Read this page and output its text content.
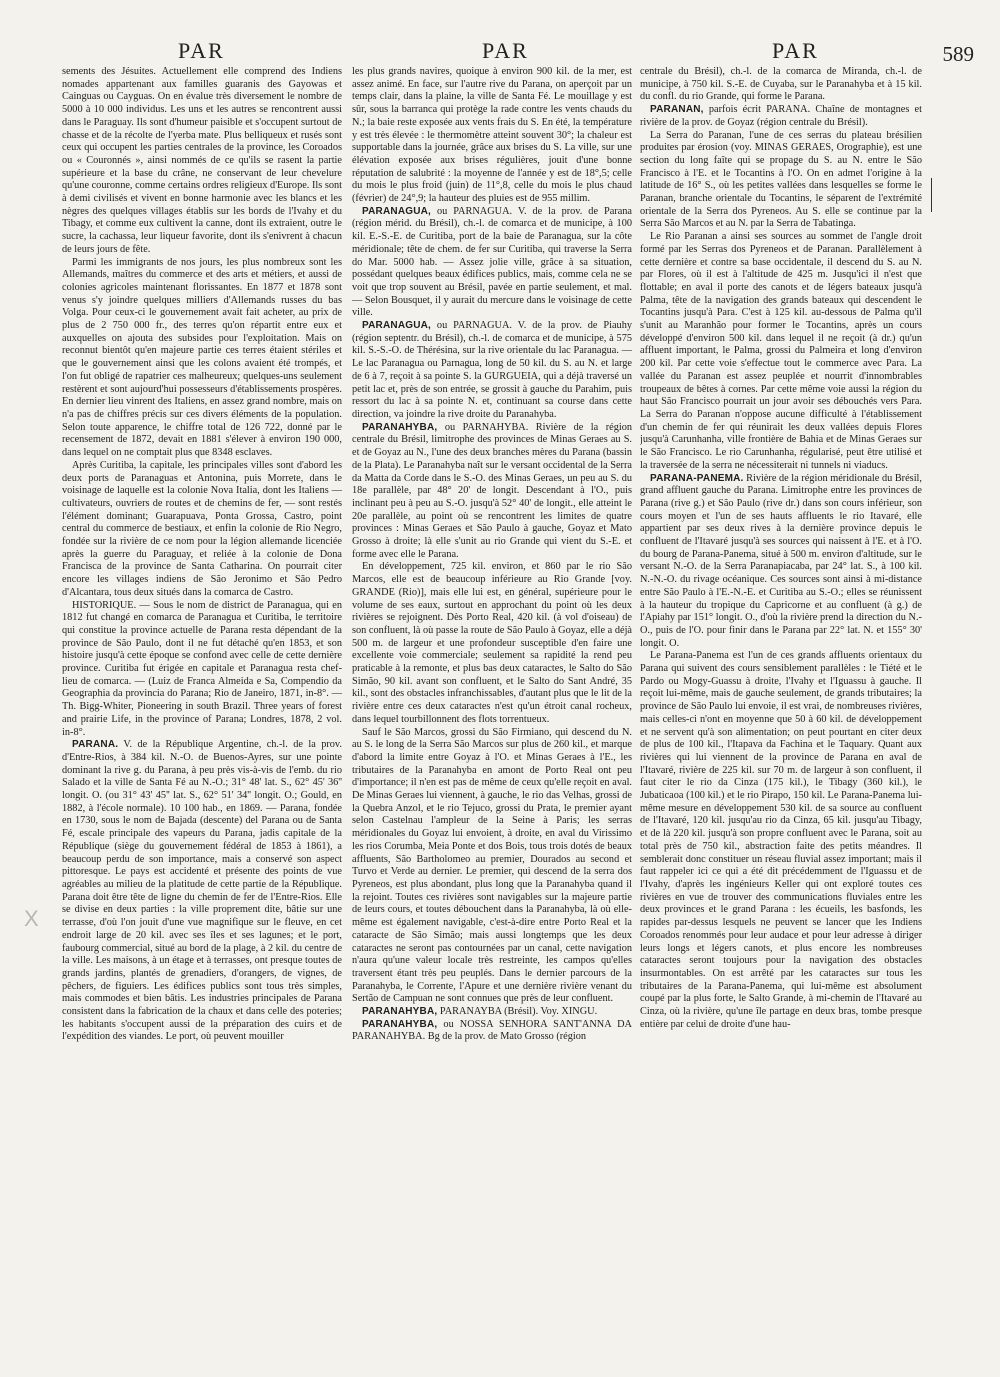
PAR	PAR	PAR	589

sements des Jésuites. Actuellement elle comprend des Indiens nomades appartenant aux familles guaranis des Gayowas et Cainguas ou Cayguas. On en évalue très diversement le nombre de 5000 à 10 000 individus. Les uns et les autres se rencontrent aussi dans le Paraguay. Ils sont d'humeur paisible et s'occupent surtout de chasse et de la récolte de l'yerba mate. Plus belliqueux et rusés sont ceux qui occupent les parties centrales de la province, les Coroados ou « Couronnés », ainsi nommés de ce qu'ils se rasent la partie supérieure et la base du crâne, ne conservant de leur chevelure qu'une couronne, comme certains ordres religieux d'Europe. Ils sont à demi civilisés et vivent en bonne harmonie avec les blancs et les nègres des quelques villages établis sur les bords de l'Ivahy et du Tibagy, et comme eux cultivent la canne, dont ils extraient, outre le sucre, la cachassa, leur liqueur favorite, dont ils s'enivrent à chacun de leurs jours de fête.

Parmi les immigrants de nos jours, les plus nombreux sont les Allemands, maîtres du commerce et des arts et métiers, et aussi de colonies agricoles maintenant florissantes. En 1877 et 1878 sont venus s'y joindre quelques milliers d'Allemands russes du bas Volga. Pour ceux-ci le gouvernement avait fait acheter, au prix de plus de 2 750 000 fr., des terres qu'on répartit entre eux et auxquelles on ajouta des subsides pour l'exploitation. Mais on reconnut bientôt qu'en majeure partie ces terres étaient stériles et que le gouvernement ainsi que les colons avaient été trompés, et l'on fut obligé de rapatrier ces malheureux; quelques-uns seulement restèrent et sont aujourd'hui possesseurs d'établissements prospères. En dernier lieu vinrent des Italiens, en assez grand nombre, mais on n'a pas de chiffres précis sur ces divers éléments de la population. Selon toute apparence, le chiffre total de 126 722, donné par le recensement de 1872, devait en 1881 s'élever à environ 190 000, dans lequel on ne comptait plus que 8348 esclaves.

Après Curitiba, la capitale, les principales villes sont d'abord les deux ports de Paranaguas et Antonina, puis Morrete, dans le voisinage de laquelle est la colonie Nova Italia, dont les Italiens — cultivateurs, ouvriers de routes et de chemins de fer, — sont restés l'élément dominant; Guarapuava, Ponta Grossa, Castro, point central du commerce de bestiaux, et enfin la colonie de Rio Negro, fondée sur la rivière de ce nom pour la légion allemande licenciée après la guerre du Paraguay, et reliée à la colonie de Dona Francisca de la province de Santa Catharina. On pourrait citer encore les villages indiens de São Jeronimo et São Pedro d'Alcantara, tous deux situés dans la comarca de Castro.

HISTORIQUE. — Sous le nom de district de Paranagua, qui en 1812 fut changé en comarca de Paranagua et Curitiba, le territoire qui constitue la province actuelle de Parana resta dépendant de la province de São Paulo, dont il ne fut détaché qu'en 1853, et son histoire jusqu'à cette époque se confond avec celle de cette dernière province. Curitiba fut érigée en capitale et Paranagua resta chef-lieu de comarca. — (Luiz de Franca Almeida e Sa, Compendio da Geographia da provincia do Parana; Rio de Janeiro, 1871, in-8°. — Th. Bigg-Whiter, Pioneering in south Brazil. Three years of forest and prairie Life, in the province of Parana; Londres, 1878, 2 vol. in-8°.

PARANA. V. de la République Argentine, ch.-l. de la prov. d'Entre-Rios, à 384 kil. N.-O. de Buenos-Ayres, sur une pointe dominant la rive g. du Parana, à peu près vis-à-vis de l'emb. du rio Salado et la ville de Santa Fé au N.-O.; 31° 48' lat. S., 62° 45' 36'' longit. O. (ou 31° 43' 45'' lat. S., 62° 51' 34'' longit. O.; Gould, en 1882, à l'école normale). 10 100 hab., en 1869. — Parana, fondée en 1730, sous le nom de Bajada (descente) del Parana ou de Santa Fé, escale principale des vapeurs du Parana, jadis capitale de la République (siège du gouvernement fédéral de 1853 à 1861), a beaucoup perdu de son importance, mais a conservé son aspect pittoresque. Le pays est accidenté et présente des points de vue agréables au milieu de la platitude de cette partie de la République. Parana doit être tête de ligne du chemin de fer de l'Entre-Rios. Elle se divise en deux parties : la ville proprement dite, bâtie sur une terrasse, d'où l'on jouit d'une vue magnifique sur le fleuve, en cet endroit large de 20 kil. avec ses îles et ses lagunes; et le port, faubourg commercial, situé au bord de la plage, à 2 kil. du centre de la ville. Les maisons, à un étage et à terrasses, ont presque toutes de grands jardins, plantés de grenadiers, d'orangers, de vignes, de pêchers, de figuiers. Les édifices publics sont tous très simples, mais commodes et bien bâtis. Les industries principales de Parana consistent dans la fabrication de la chaux et dans celle des poteries; les habitants s'occupent aussi de la préparation des cuirs et de l'expédition des viandes. Le port, où peuvent mouiller

les plus grands navires, quoique à environ 900 kil. de la mer, est assez animé. En face, sur l'autre rive du Parana, on aperçoit par un temps clair, dans la plaine, la ville de Santa Fé. Le mouillage y est sûr, sous la barranca qui protège la rade contre les vents chauds du N.; la baie reste exposée aux vents frais du S. En été, la température y est très élevée : le thermomètre atteint souvent 30°; la chaleur est supportable dans la journée, grâce aux brises du S. La ville, sur une élévation exposée aux brises régulières, jouit d'une bonne réputation de salubrité : la moyenne de l'année y est de 18°,5; celle du mois le plus froid (juin) de 11°,8, celle du mois le plus chaud (février) de 24°,9; la hauteur des pluies est de 955 millim.

PARANAGUA, ou PARNAGUA. V. de la prov. de Parana (région mérid. du Brésil), ch.-l. de comarca et de municipe, à 100 kil. E.-S.-E. de Curitiba, port de la baie de Paranagua, sur la côte méridionale; tête de chem. de fer sur Curitiba, qui traverse la Serra do Mar. 5000 hab. — Assez jolie ville, grâce à sa situation, possédant quelques beaux édifices publics, mais, comme cela ne se voit que trop souvent au Brésil, pavée en partie seulement, et mal. — Selon Bousquet, il y aurait du mercure dans le voisinage de cette ville.

PARANAGUA, ou PARNAGUA. V. de la prov. de Piauhy (région septentr. du Brésil), ch.-l. de comarca et de municipe, à 575 kil. S.-S.-O. de Thérésina, sur la rive orientale du lac Paranagua. — Le lac Paranagua ou Parnagua, long de 50 kil. du S. au N. et large de 6 à 7, reçoit à sa pointe S. la GURGUEIA, qui a déjà traversé un petit lac et, près de son entrée, se grossit à gauche du Parahim, puis ressort du lac à sa pointe N. et, continuant sa course dans cette direction, va joindre la rive droite du Paranahyba.

PARANAHYBA, ou PARNAHYBA. Rivière de la région centrale du Brésil, limitrophe des provinces de Minas Geraes au S. et de Goyaz au N., l'une des deux branches mères du Parana (bassin de la Plata). Le Paranahyba naît sur le versant occidental de la Serra da Matta da Corde dans le S.-O. des Minas Geraes, un peu au S. du 18e parallèle, par 48° 20' de longit. Descendant à l'O., puis inclinant peu à peu au S.-O. jusqu'à 52° 40' de longit., elle atteint le 20e parallèle, au point où se rencontrent les limites de quatre provinces : Minas Geraes et São Paulo à gauche, Goyaz et Mato Grosso à droite; là elle s'unit au rio Grande qui vient du S.-E. et forme avec elle le Parana.

En développement, 725 kil. environ, et 860 par le rio São Marcos, elle est de beaucoup inférieure au Rio Grande [voy. GRANDE (Rio)], mais elle lui est, en général, supérieure pour le volume de ses eaux, surtout en approchant du point où les deux rivières se rejoignent. Dès Porto Real, 420 kil. (à vol d'oiseau) de son confluent, là où passe la route de São Paulo à Goyaz, elle a déjà 500 m. de largeur et une profondeur susceptible d'en faire une excellente voie commerciale; seulement sa rapidité la rend peu praticable à la remonte, et plus bas deux cataractes, le Salto do São Simão, 90 kil. avant son confluent, et le Salto do Sant André, 35 kil., sont des obstacles infranchissables, d'autant plus que le lit de la rivière entre ces deux cataractes n'est qu'un étroit canal rocheux, dans lequel tourbillonnent des flots torrentueux.

Sauf le São Marcos, grossi du São Firmiano, qui descend du N. au S. le long de la Serra São Marcos sur plus de 260 kil., et marque d'abord la limite entre Goyaz à l'O. et Minas Geraes à l'E., les tributaires de la Paranahyba en amont de Porto Real ont peu d'importance; il n'en est pas de même de ceux qu'elle reçoit en aval. De Minas Geraes lui viennent, à gauche, le rio das Velhas, grossi de la Quebra Anzol, et le rio Tejuco, grossi du Prata, le premier ayant selon Castelnau l'ampleur de la Seine à Paris; les serras méridionales du Goyaz lui envoient, à droite, en aval du Virissimo les rios Corumba, Meia Ponte et dos Bois, tous trois dotés de beaux affluents, São Bartholomeo au premier, Dourados au second et Turvo et Verde au dernier. Le premier, qui descend de la serra dos Pyreneos, est plus abondant, plus long que la Paranahyba quand il la rejoint. Toutes ces rivières sont navigables sur la majeure partie de leurs cours, et toutes débouchent dans la Paranahyba, là où elle-même est également navigable, c'est-à-dire entre Porto Real et la cataracte de São Simão; mais aussi longtemps que les deux cataractes ne seront pas contournées par un canal, cette navigation n'aura qu'une valeur locale très restreinte, les campos qu'elles traversent étant très peu peuplés. Dans le dernier parcours de la Paranahyba, le Corrente, l'Apure et une dernière rivière venant du Sertão de Campuan ne sont connues que près de leur confluent.

PARANAHYBA, PARANAYBA (Brésil). Voy. XINGU.

PARANAHYBA, ou NOSSA SENHORA SANT'ANNA DA PARANAHYBA. Bg de la prov. de Mato Grosso (région

centrale du Brésil), ch.-l. de la comarca de Miranda, ch.-l. de municipe, à 750 kil. S.-E. de Cuyaba, sur le Paranahyba et à 15 kil. du confl. du rio Grande, qui forme le Parana.

PARANAN, parfois écrit PARANA. Chaîne de montagnes et rivière de la prov. de Goyaz (région centrale du Brésil).

La Serra do Paranan, l'une de ces serras du plateau brésilien produites par érosion (voy. MINAS GERAES, Orographie), est une section du long faîte qui se propage du S. au N. entre le São Francisco à l'E. et le Tocantins à l'O. On en admet l'origine à la latitude de 16° S., où les petites vallées dans lesquelles se forme le Paranan, branche orientale du Tocantins, le séparent de l'extrémité orientale de la Serra dos Pyreneos. Au S. elle se continue par la Serra São Marcos et au N. par la Serra de Tabatinga.

Le Rio Paranan a ainsi ses sources au sommet de l'angle droit formé par les Serras dos Pyreneos et de Paranan. Parallèlement à cette dernière et contre sa base occidentale, il descend du S. au N. par Flores, où il est à l'altitude de 425 m. Jusqu'ici il n'est que flottable; en aval il porte des canots et de légers bateaux jusqu'à Palma, tête de la navigation des grands bateaux qui descendent le Tocantins jusqu'à Para. C'est à 125 kil. au-dessous de Palma qu'il s'unit au Maranhão pour former le Tocantins, après un cours développé d'environ 500 kil. dans lequel il ne reçoit (à dr.) qu'un affluent important, le Palma, grossi du Palmeira et long d'environ 200 kil. Par cette voie s'effectue tout le commerce avec Para. La vallée du Paranan est assez peuplée et nourrit d'innombrables troupeaux de bêtes à cornes. Par cette même voie aussi la région du haut São Francisco pourrait un jour avoir ses débouchés vers Para. La Serra do Paranan n'oppose aucune difficulté à l'établissement d'un chemin de fer qui réunirait les deux vallées depuis Flores jusqu'à Carunhanha, ville frontière de Bahia et de Minas Geraes sur le São Francisco. Le rio Carunhanha, régularisé, peut être utilisé et la traversée de la serra ne nécessiterait ni tunnels ni viaducs.

PARANA-PANEMA. Rivière de la région méridionale du Brésil, grand affluent gauche du Parana. Limitrophe entre les provinces de Parana (rive g.) et São Paulo (rive dr.) dans son cours inférieur, son cours moyen et l'un de ses hauts affluents le rio Itavaré, elle appartient par ses deux rives à la dernière province depuis le confluent de l'Itavaré jusqu'à ses sources qui naissent à l'E. et à l'O. du bourg de Parana-Panema, situé à 500 m. environ d'altitude, sur le versant N.-O. de la Serra Paranapiacaba, par 24° lat. S., à 100 kil. N.-N.-O. du rivage océanique. Ces sources sont ainsi à mi-distance entre São Paulo à l'E.-N.-E. et Curitiba au S.-O.; elles se réunissent à la hauteur du tropique du Capricorne et au confluent (à g.) de l'Apiahy par 151° longit. O., d'où la rivière prend la direction du N.-O., puis de l'O. pour finir dans le Parana par 22° lat. N. et 155° 30' longit. O.

Le Parana-Panema est l'un de ces grands affluents orientaux du Parana qui suivent des cours sensiblement parallèles : le Tiété et le Pardo ou Mogy-Guassu à droite, l'Ivahy et l'Iguassu à gauche. Il reçoit lui-même, mais de gauche seulement, de grands tributaires; la province de São Paulo lui envoie, il est vrai, de nombreuses rivières, mais celles-ci n'ont en moyenne que 50 à 60 kil. de développement et ne servent qu'à son alimentation; on peut pourtant en citer deux de plus de 100 kil., l'Itapava da Fachina et le Taquary. Quant aux rivières qui lui viennent de la province de Parana en aval de l'Itavaré, rivière de 225 kil. sur 70 m. de largeur à son confluent, il faut citer le rio da Cinza (175 kil.), le Tibagy (360 kil.), le Jubaticaoa (100 kil.) et le rio Pirapo, 150 kil. Le Parana-Panema lui-même mesure en développement 530 kil. de sa source au confluent de l'Itavaré, 120 kil. jusqu'au rio da Cinza, 65 kil. jusqu'au Tibagy, et de là 220 kil. jusqu'à son propre confluent avec le Parana, soit au total près de 750 kil., abstraction faite des petits méandres. Il semblerait donc constituer un réseau fluvial assez important; mais il faut rappeler ici ce qui a été dit précédemment de l'Iguassu et de l'Ivahy, d'après les ingénieurs Keller qui ont exploré toutes ces rivières en vue de trouver des communications fluviales entre les deux provinces et le grand Parana : les écueils, les basfonds, les rapides par-dessus lesquels ne peuvent se lancer que les Indiens Coroados renommés pour leur audace et pour leur adresse à diriger leurs longs et légers canots, et plus encore les nombreuses cataractes seront toujours pour la navigation des obstacles insurmontables. On est arrêté par les cataractes sur tous les tributaires de la Parana-Panema, qui lui-même est absolument coupé par la plus forte, le Salto Grande, à mi-chemin de l'Itavaré au Cinza, où la rivière, qu'une île partage en deux bras, tombe presque entière par celui de droite d'une hau-

X
